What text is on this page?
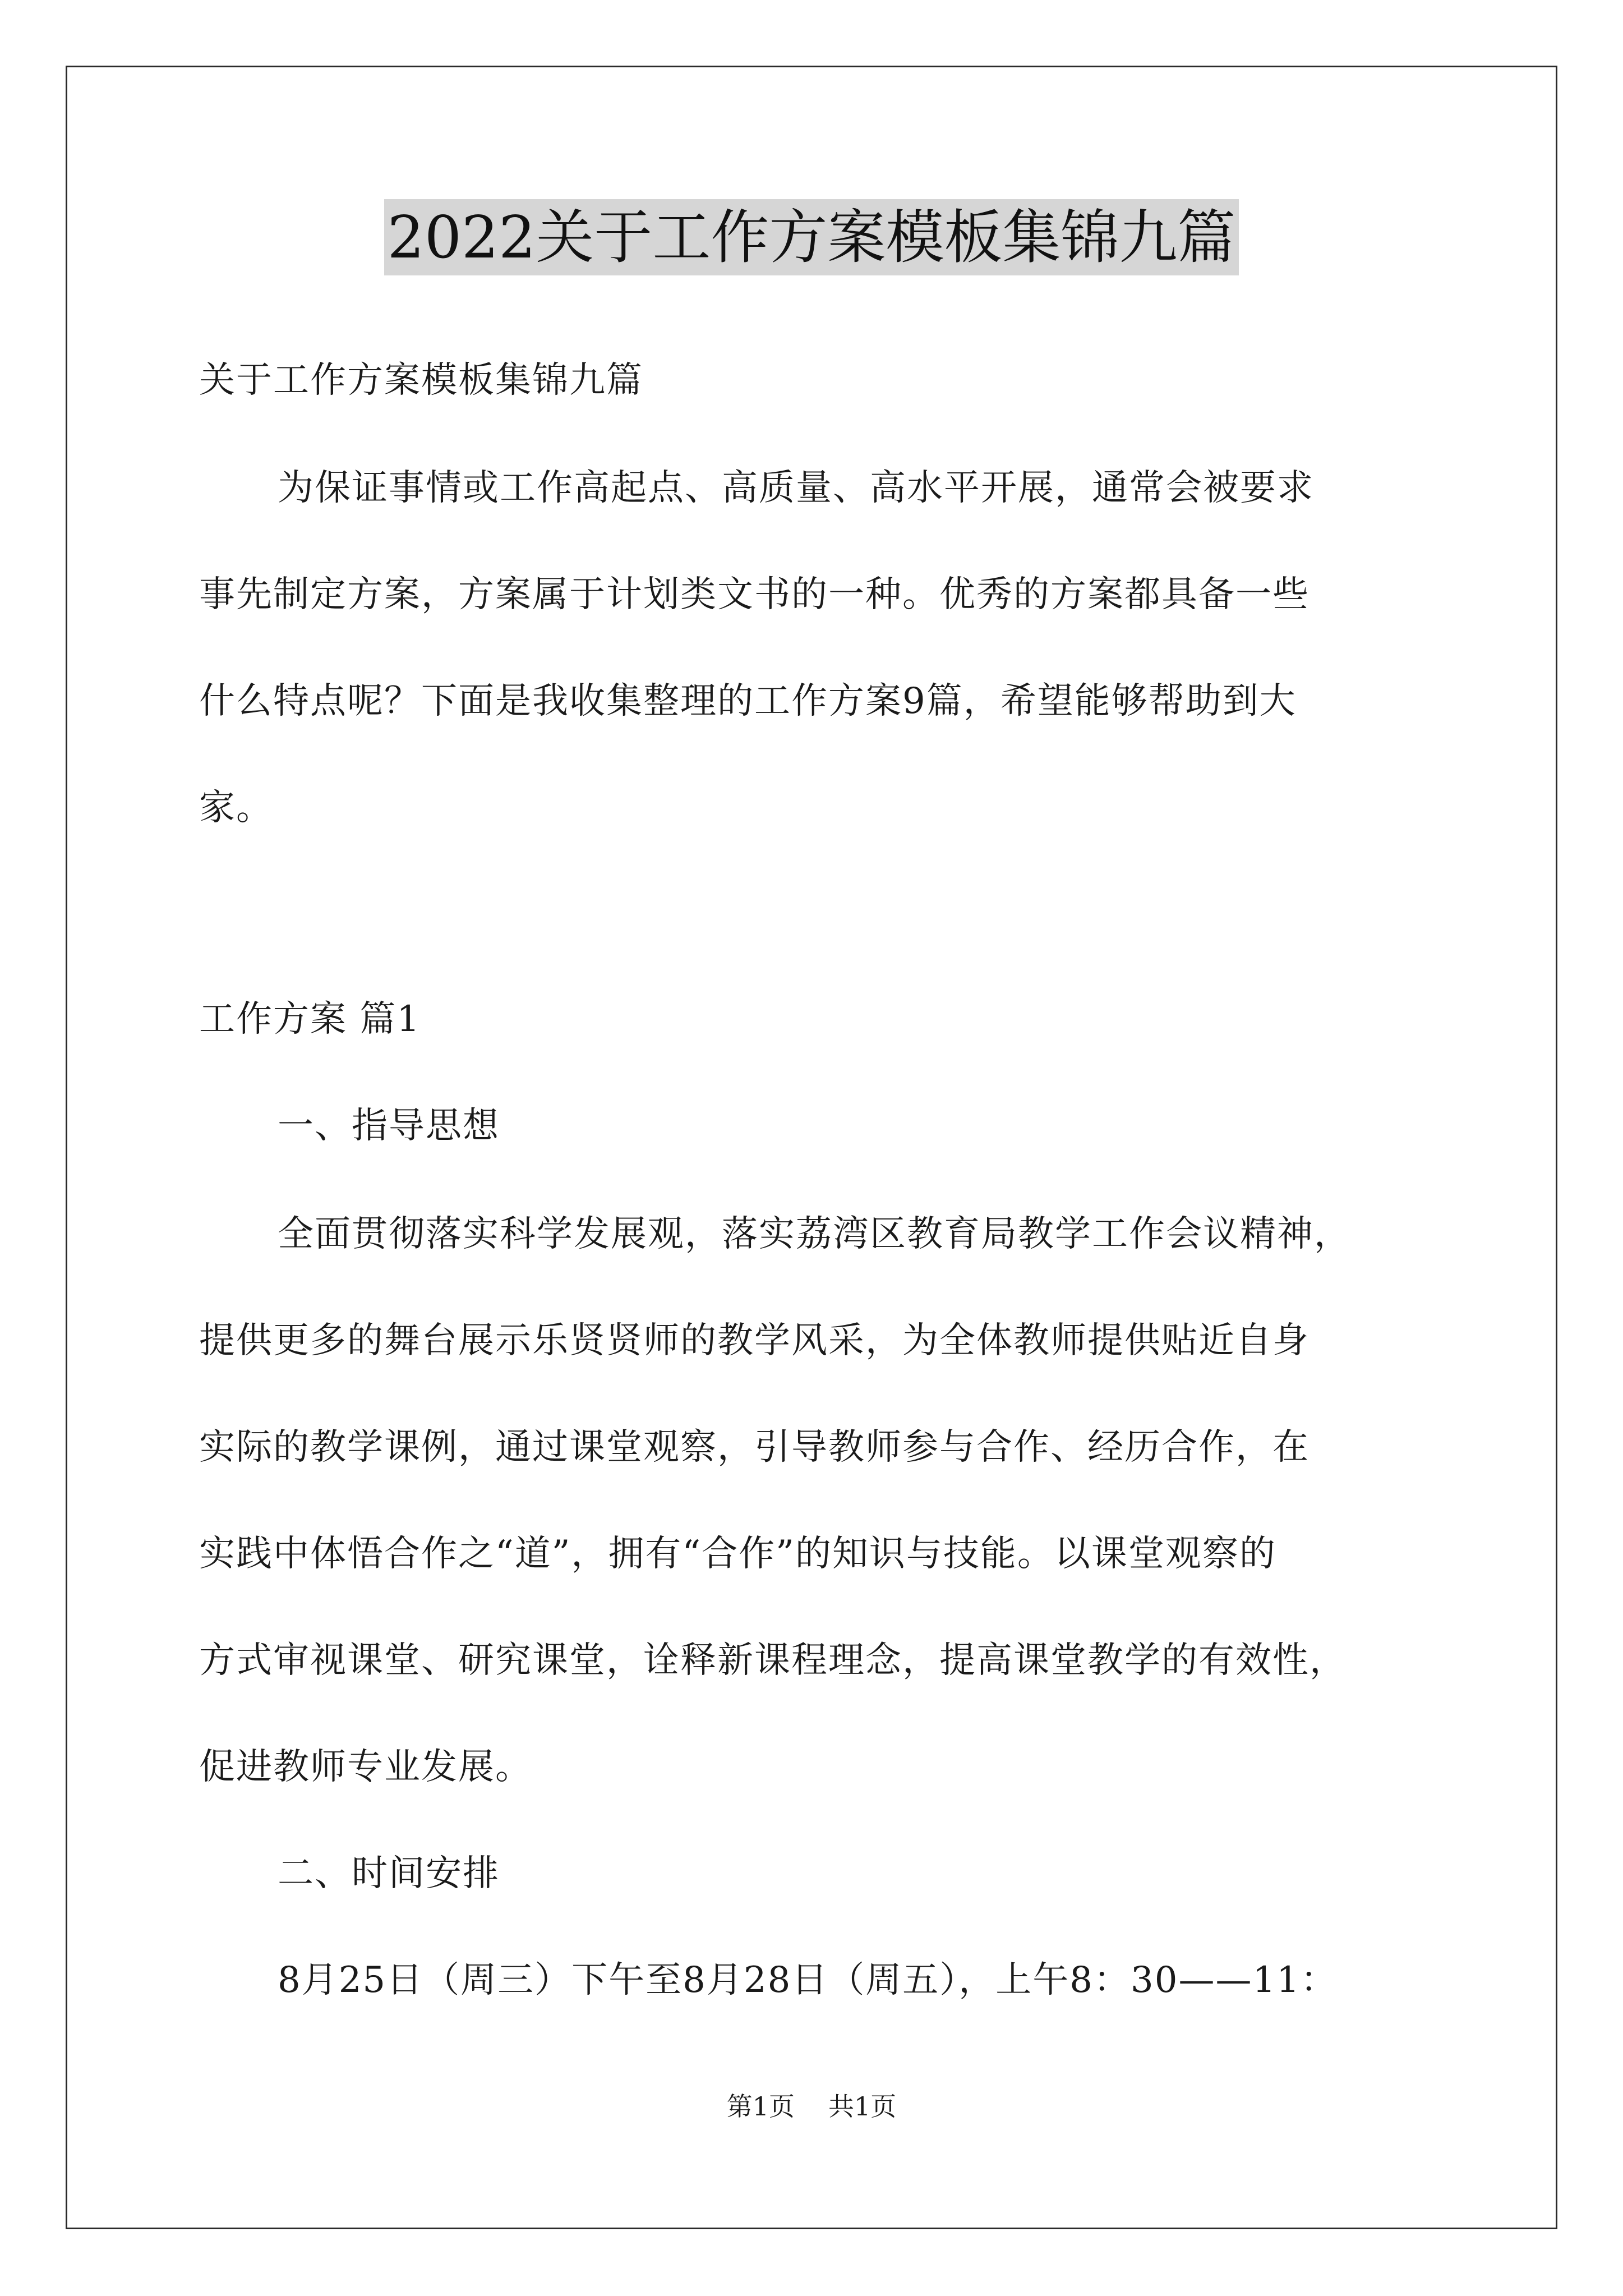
2022关于工作方案模板集锦九篇
关于工作方案模板集锦九篇
为保证事情或工作高起点、高质量、高水平开展，通常会被要求
事先制定方案，方案属于计划类文书的一种。优秀的方案都具备一些
什么特点呢？下面是我收集整理的工作方案9篇，希望能够帮助到大
家。
工作方案 篇1
一、指导思想
全面贯彻落实科学发展观，落实荔湾区教育局教学工作会议精神，
提供更多的舞台展示乐贤贤师的教学风采，为全体教师提供贴近自身
实际的教学课例，通过课堂观察，引导教师参与合作、经历合作，在
实践中体悟合作之“道”，拥有“合作”的知识与技能。以课堂观察的
方式审视课堂、研究课堂，诠释新课程理念，提高课堂教学的有效性，
促进教师专业发展。
二、时间安排
8月25日（周三）下午至8月28日（周五），上午8：30——11：
第1页 共1页
